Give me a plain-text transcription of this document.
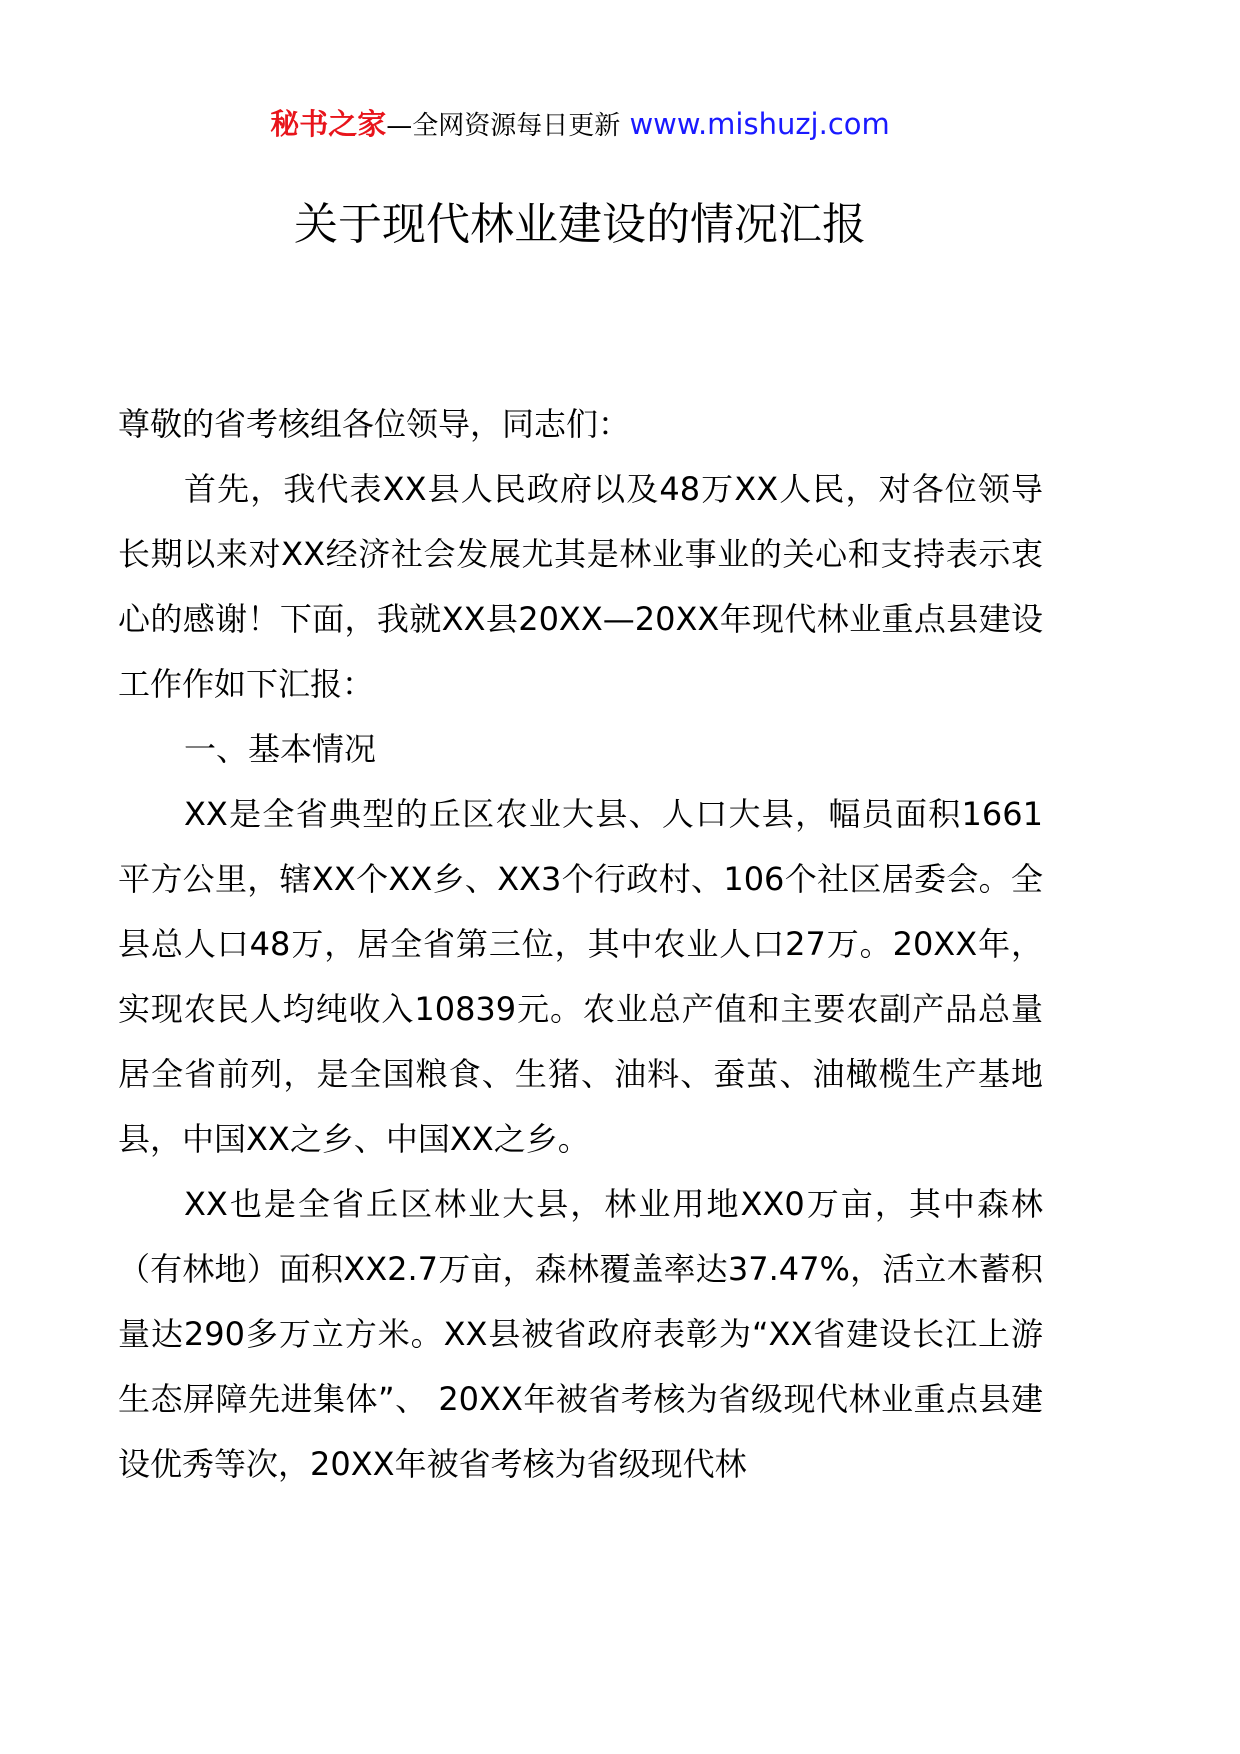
秘书之家—全网资源每日更新 www.mishuzj.com
关于现代林业建设的情况汇报

尊敬的省考核组各位领导，同志们：

首先，我代表XX县人民政府以及48万XX人民，对各位领导长期以来对XX经济社会发展尤其是林业事业的关心和支持表示衷心的感谢！下面，我就XX县20XX—20XX年现代林业重点县建设工作作如下汇报：

一、基本情况

XX是全省典型的丘区农业大县、人口大县，幅员面积1661平方公里，辖XX个XX乡、XX3个行政村、106个社区居委会。全县总人口48万，居全省第三位，其中农业人口27万。20XX年，实现农民人均纯收入10839元。农业总产值和主要农副产品总量居全省前列，是全国粮食、生猪、油料、蚕茧、油橄榄生产基地县，中国XX之乡、中国XX之乡。

XX也是全省丘区林业大县，林业用地XX0万亩，其中森林（有林地）面积XX2.7万亩，森林覆盖率达37.47%，活立木蓄积量达290多万立方米。XX县被省政府表彰为“XX省建设长江上游生态屏障先进集体”、 20XX年被省考核为省级现代林业重点县建设优秀等次，20XX年被省考核为省级现代林
